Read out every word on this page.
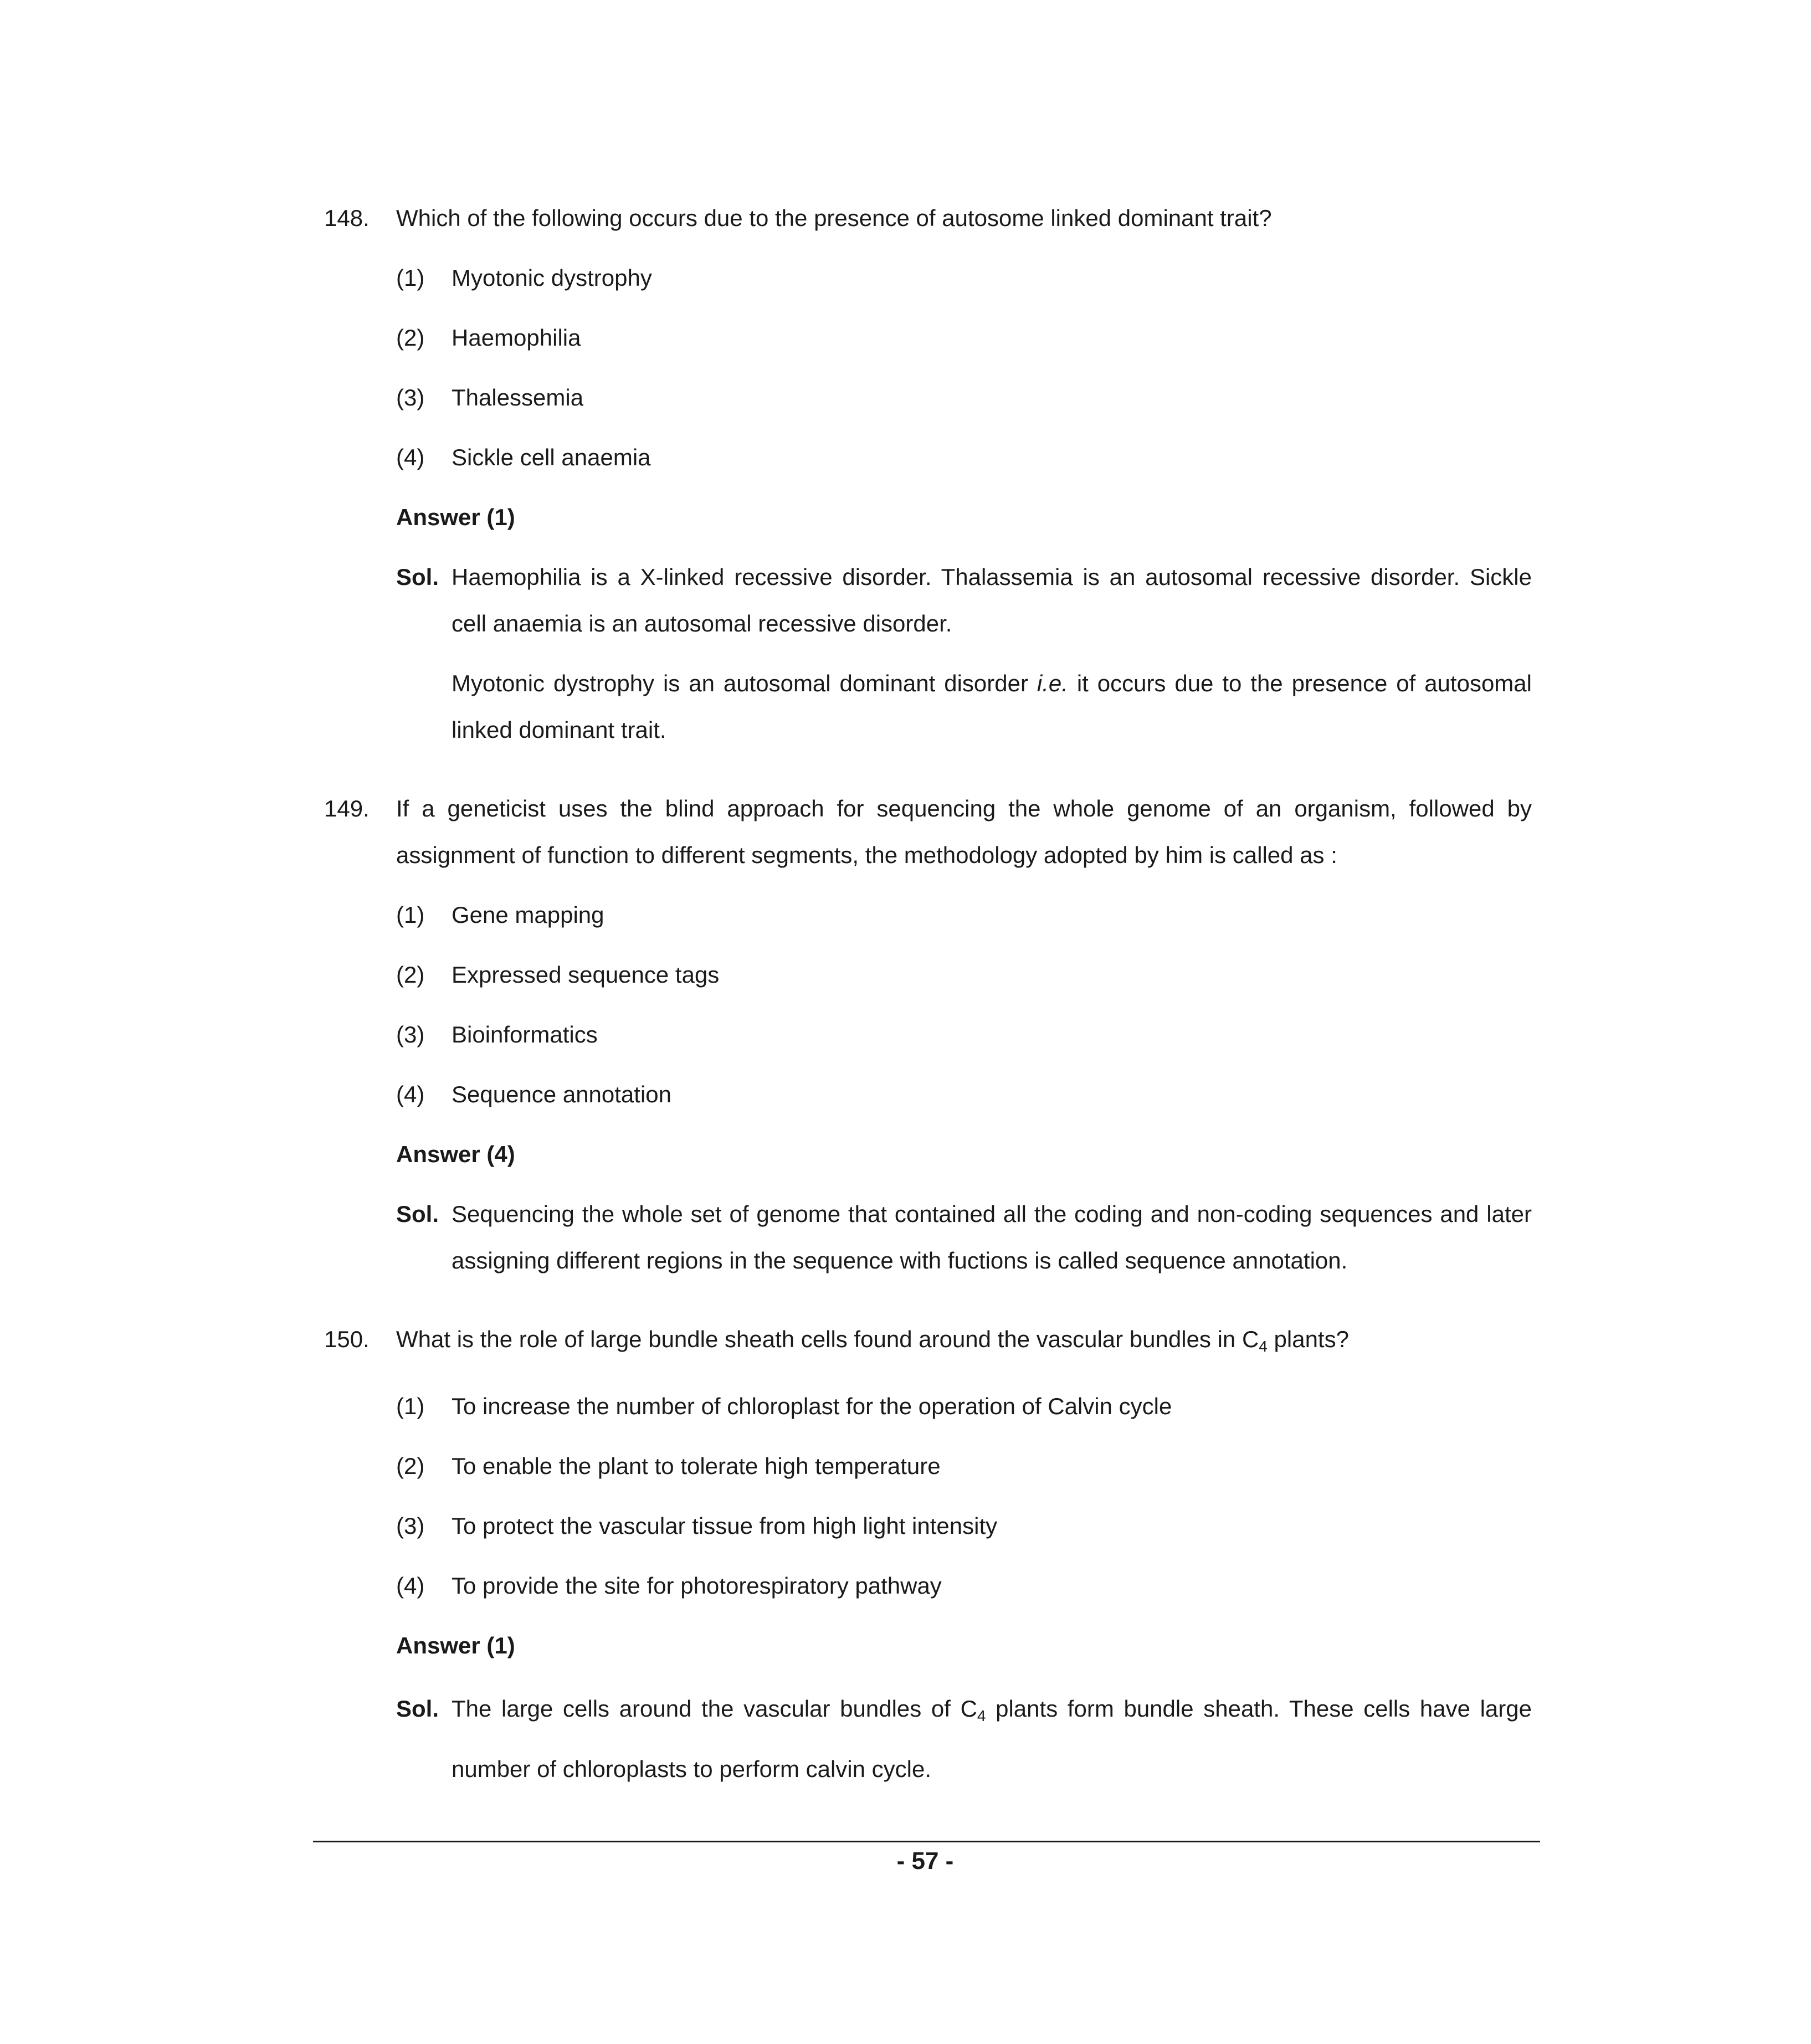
148. Which of the following occurs due to the presence of autosome linked dominant trait?
(1) Myotonic dystrophy
(2) Haemophilia
(3) Thalessemia
(4) Sickle cell anaemia
Answer (1)
Sol. Haemophilia is a X-linked recessive disorder. Thalassemia is an autosomal recessive disorder. Sickle cell anaemia is an autosomal recessive disorder.
Myotonic dystrophy is an autosomal dominant disorder i.e. it occurs due to the presence of autosomal linked dominant trait.
149. If a geneticist uses the blind approach for sequencing the whole genome of an organism, followed by assignment of function to different segments, the methodology adopted by him is called as :
(1) Gene mapping
(2) Expressed sequence tags
(3) Bioinformatics
(4) Sequence annotation
Answer (4)
Sol. Sequencing the whole set of genome that contained all the coding and non-coding sequences and later assigning different regions in the sequence with fuctions is called sequence annotation.
150. What is the role of large bundle sheath cells found around the vascular bundles in $C_4$ plants?
(1) To increase the number of chloroplast for the operation of Calvin cycle
(2) To enable the plant to tolerate high temperature
(3) To protect the vascular tissue from high light intensity
(4) To provide the site for photorespiratory pathway
Answer (1)
Sol. The large cells around the vascular bundles of $C_4$ plants form bundle sheath. These cells have large number of chloroplasts to perform calvin cycle.
- 57 -
